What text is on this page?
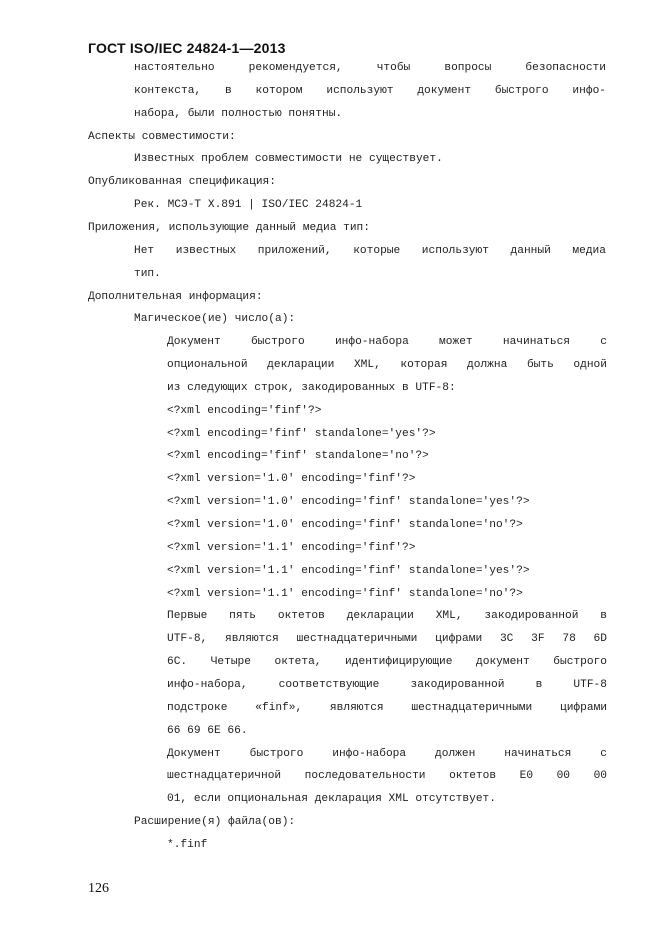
ГОСТ ISO/IEC 24824-1—2013
настоятельно рекомендуется, чтобы вопросы безопасности
контекста, в котором используют документ быстрого инфо-
набора, были полностью понятны.
Аспекты совместимости:
Известных проблем совместимости не существует.
Опубликованная спецификация:
Рек. МСЭ-Т X.891 | ISO/IEC 24824-1
Приложения, использующие данный медиа тип:
Нет известных приложений, которые используют данный медиа
тип.
Дополнительная информация:
Магическое(ие) число(а):
Документ быстрого инфо-набора может начинаться с
опциональной декларации XML, которая должна быть одной
из следующих строк, закодированных в UTF-8:
<?xml encoding='finf'?>
<?xml encoding='finf' standalone='yes'?>
<?xml encoding='finf' standalone='no'?>
<?xml version='1.0' encoding='finf'?>
<?xml version='1.0' encoding='finf' standalone='yes'?>
<?xml version='1.0' encoding='finf' standalone='no'?>
<?xml version='1.1' encoding='finf'?>
<?xml version='1.1' encoding='finf' standalone='yes'?>
<?xml version='1.1' encoding='finf' standalone='no'?>
Первые пять октетов декларации XML, закодированной в
UTF-8, являются шестнадцатеричными цифрами 3C 3F 78 6D
6C. Четыре октета, идентифицирующие документ быстрого
инфо-набора, соответствующие закодированной в UTF-8
подстроке «finf», являются шестнадцатеричными цифрами
66 69 6E 66.
Документ быстрого инфо-набора должен начинаться с
шестнадцатеричной последовательности октетов E0 00 00
01, если опциональная декларация XML отсутствует.
Расширение(я) файла(ов):
*.finf
126
